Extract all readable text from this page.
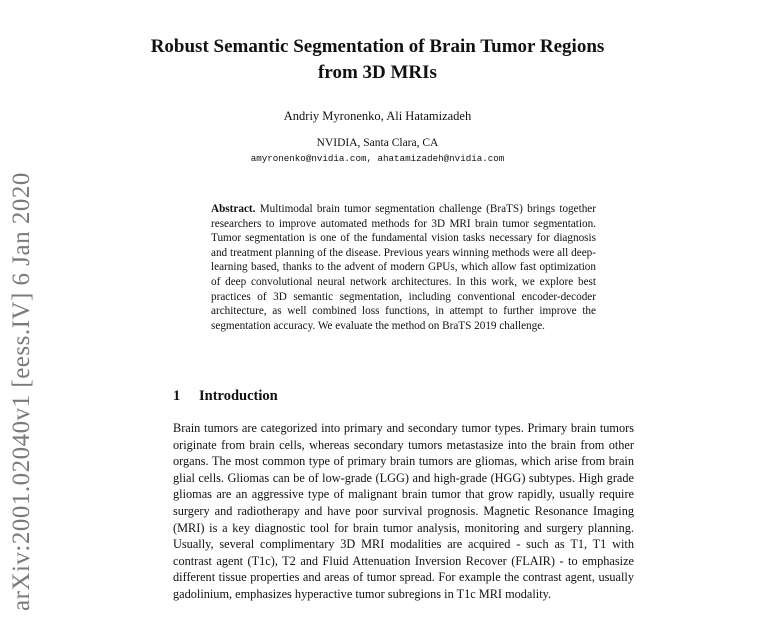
arXiv:2001.02040v1 [eess.IV] 6 Jan 2020
Robust Semantic Segmentation of Brain Tumor Regions from 3D MRIs
Andriy Myronenko, Ali Hatamizadeh
NVIDIA, Santa Clara, CA
amyronenko@nvidia.com, ahatamizadeh@nvidia.com
Abstract. Multimodal brain tumor segmentation challenge (BraTS) brings together researchers to improve automated methods for 3D MRI brain tumor segmentation. Tumor segmentation is one of the fundamental vision tasks necessary for diagnosis and treatment planning of the disease. Previous years winning methods were all deep-learning based, thanks to the advent of modern GPUs, which allow fast optimization of deep convolutional neural network architectures. In this work, we explore best practices of 3D semantic segmentation, including conventional encoder-decoder architecture, as well combined loss functions, in attempt to further improve the segmentation accuracy. We evaluate the method on BraTS 2019 challenge.
1 Introduction
Brain tumors are categorized into primary and secondary tumor types. Primary brain tumors originate from brain cells, whereas secondary tumors metastasize into the brain from other organs. The most common type of primary brain tumors are gliomas, which arise from brain glial cells. Gliomas can be of low-grade (LGG) and high-grade (HGG) subtypes. High grade gliomas are an aggressive type of malignant brain tumor that grow rapidly, usually require surgery and radiotherapy and have poor survival prognosis. Magnetic Resonance Imaging (MRI) is a key diagnostic tool for brain tumor analysis, monitoring and surgery planning. Usually, several complimentary 3D MRI modalities are acquired - such as T1, T1 with contrast agent (T1c), T2 and Fluid Attenuation Inversion Recover (FLAIR) - to emphasize different tissue properties and areas of tumor spread. For example the contrast agent, usually gadolinium, emphasizes hyperactive tumor subregions in T1c MRI modality.
